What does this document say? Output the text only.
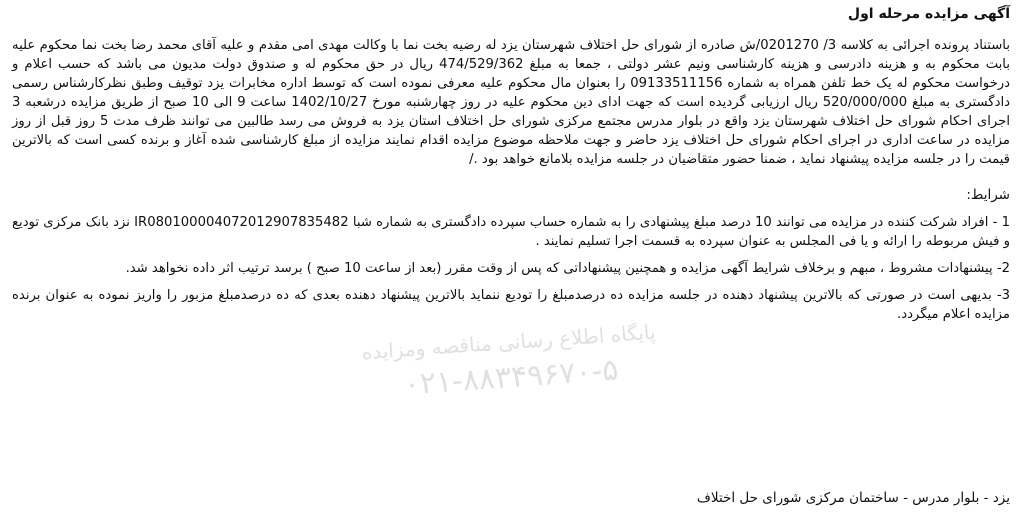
آگهی مزایده مرحله اول
باستناد پرونده اجرائی به کلاسه 3/ 0201270/ش صادره از شورای حل اختلاف شهرستان یزد له رضیه بخت نما با وکالت مهدی امی مقدم و علیه آقای محمد رضا بخت نما محکوم علیه بابت محکوم به و هزینه دادرسی و هزینه کارشناسی ونیم عشر دولتی ، جمعا به مبلغ 474/529/362 ریال در حق محکوم له و صندوق دولت مدیون می باشد که حسب اعلام و درخواست محکوم له یک خط تلفن همراه به شماره 09133511156 را بعنوان مال محکوم علیه معرفی نموده است که توسط اداره مخابرات یزد توقیف وطبق نظرکارشناس رسمی دادگستری به مبلغ 520/000/000 ریال ارزیابی گردیده است که جهت ادای دین محکوم علیه در روز چهارشنبه مورخ 1402/10/27 ساعت 9 الی 10 صبح از طریق مزایده درشعبه 3 اجرای احکام شورای حل اختلاف شهرستان یزد واقع در بلوار مدرس مجتمع مرکزی شورای حل اختلاف استان یزد به فروش می رسد طالبین می توانند ظرف مدت 5 روز قبل از روز مزایده در ساعت اداری در اجرای احکام شورای حل اختلاف یزد حاضر و جهت ملاحظه موضوع مزایده اقدام نمایند مزایده از مبلغ کارشناسی شده آغاز و برنده کسی است که بالاترین قیمت را در جلسه مزایده پیشنهاد نماید ، ضمنا حضور متقاضیان در جلسه مزایده بلامانع خواهد بود ./
شرایط:
1 - افراد شرکت کننده در مزایده می توانند 10 درصد مبلغ پیشنهادی را به شماره حساب سپرده دادگستری به شماره شبا IR080100004072012907835482 نزد بانک مرکزی تودیع و فیش مربوطه را ارائه و یا فی المجلس به عنوان سپرده به قسمت اجرا تسلیم نمایند .
2- پیشنهادات مشروط ، مبهم و برخلاف شرایط آگهی مزایده و همچنین پیشنهاداتی که پس از وقت مقرر (بعد از ساعت 10 صبح ) برسد ترتیب اثر داده نخواهد شد.
3- بدیهی است در صورتی که بالاترین پیشنهاد دهنده در جلسه مزایده ده درصدمبلغ را تودیع ننماید بالاترین پیشنهاد دهنده بعدی که ده درصدمبلغ مزبور را واریز نموده به عنوان برنده مزایده اعلام میگردد.
یزد - بلوار مدرس - ساختمان مرکزی شورای حل اختلاف
پایگاه اطلاع رسانی مناقصه ومزایده
۰۲۱-۸۸۳۴۹۶۷۰-۵
